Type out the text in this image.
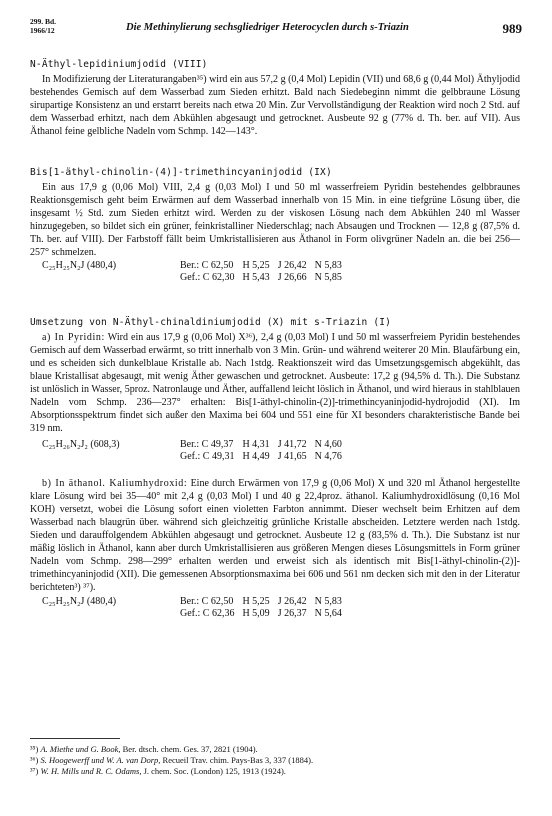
299. Bd.
1966/12	Die Methinylierung sechsgliedriger Heterocyclen durch s-Triazin	989
N-Äthyl-lepidiniumjodid (VIII)
In Modifizierung der Literaturangaben³⁵) wird ein aus 57,2 g (0,4 Mol) Lepidin (VII) und 68,6 g (0,44 Mol) Äthyljodid bestehendes Gemisch auf dem Wasserbad zum Sieden erhitzt. Bald nach Siedebeginn nimmt die gelbbraune Lösung sirupartige Konsistenz an und erstarrt bereits nach etwa 20 Min. Zur Vervollständigung der Reaktion wird noch 2 Std. auf dem Wasserbad erhitzt, nach dem Abkühlen abgesaugt und getrocknet. Ausbeute 92 g (77% d. Th. ber. auf VII). Aus Äthanol feine gelbliche Nadeln vom Schmp. 142—143°.
Bis[1-äthyl-chinolin-(4)]-trimethincyaninjodid (IX)
Ein aus 17,9 g (0,06 Mol) VIII, 2,4 g (0,03 Mol) I und 50 ml wasserfreiem Pyridin bestehendes gelbbraunes Reaktionsgemisch geht beim Erwärmen auf dem Wasserbad innerhalb von 15 Min. in eine tiefgrüne Lösung über, die insgesamt ½ Std. zum Sieden erhitzt wird. Werden zu der viskosen Lösung nach dem Abkühlen 240 ml Wasser hinzugegeben, so bildet sich ein grüner, feinkristalliner Niederschlag; nach Absaugen und Trocknen — 12,8 g (87,5% d. Th. ber. auf VIII). Der Farbstoff fällt beim Umkristallisieren aus Äthanol in Form olivgrüner Nadeln an. die bei 256—257° schmelzen.
C₂₅H₂₅N₂J (480,4)	Ber.: C 62,50	H 5,25	J 26,42	N 5,83
	Gef.: C 62,30	H 5,43	J 26,66	N 5,85
Umsetzung von N-Äthyl-chinaldiniumjodid (X) mit s-Triazin (I)
a) In Pyridin: Wird ein aus 17,9 g (0,06 Mol) X³⁶), 2,4 g (0,03 Mol) I und 50 ml wasserfreiem Pyridin bestehendes Gemisch auf dem Wasserbad erwärmt, so tritt innerhalb von 3 Min. Grün- und während weiterer 20 Min. Blaufärbung ein, und es scheiden sich dunkelblaue Kristalle ab. Nach 1stdg. Reaktionszeit wird das Umsetzungsgemisch abgekühlt, das blaue Kristallisat abgesaugt, mit wenig Äther gewaschen und getrocknet. Ausbeute: 17,2 g (94,5% d. Th.). Die Substanz ist unlöslich in Wasser, 5proz. Natronlauge und Äther, auffallend leicht löslich in Äthanol, und wird hieraus in stahlblauen Nadeln vom Schmp. 236—237° erhalten: Bis[1-äthyl-chinolin-(2)]-trimethincyaninjodid-hydrojodid (XI). Im Absorptionsspektrum findet sich außer den Maxima bei 604 und 551 eine für XI besonders charakteristische Bande bei 319 nm.
C₂₅H₂₆N₂J₂ (608,3)	Ber.: C 49,37	H 4,31	J 41,72	N 4,60
	Gef.: C 49,31	H 4,49	J 41,65	N 4,76
b) In äthanol. Kaliumhydroxid: Eine durch Erwärmen von 17,9 g (0,06 Mol) X und 320 ml Äthanol hergestellte klare Lösung wird bei 35—40° mit 2,4 g (0,03 Mol) I und 40 g 22,4proz. äthanol. Kaliumhydroxidlösung (0,16 Mol KOH) versetzt, wobei die Lösung sofort einen violetten Farbton annimmt. Dieser wechselt beim Erhitzen auf dem Wasserbad nach blaugrün über. während sich gleichzeitig grünliche Kristalle abscheiden. Letztere werden nach 1stdg. Sieden und darauffolgendem Abkühlen abgesaugt und getrocknet. Ausbeute 12 g (83,5% d. Th.). Die Substanz ist nur mäßig löslich in Äthanol, kann aber durch Umkristallisieren aus größeren Mengen dieses Lösungsmittels in Form grüner Nadeln vom Schmp. 298—299° erhalten werden und erweist sich als identisch mit Bis[1-äthyl-chinolin-(2)]-trimethincyaninjodid (XII). Die gemessenen Absorptionsmaxima bei 606 und 561 nm decken sich mit den in der Literatur berichteten³) ³⁷).
C₂₅H₂₅N₂J (480,4)	Ber.: C 62,50	H 5,25	J 26,42	N 5,83
	Gef.: C 62,36	H 5,09	J 26,37	N 5,64
³⁵) A. Miethe und G. Book, Ber. dtsch. chem. Ges. 37, 2821 (1904).
³⁶) S. Hoogewerff und W. A. van Dorp, Recueil Trav. chim. Pays-Bas 3, 337 (1884).
³⁷) W. H. Mills und R. C. Odams, J. chem. Soc. (London) 125, 1913 (1924).
